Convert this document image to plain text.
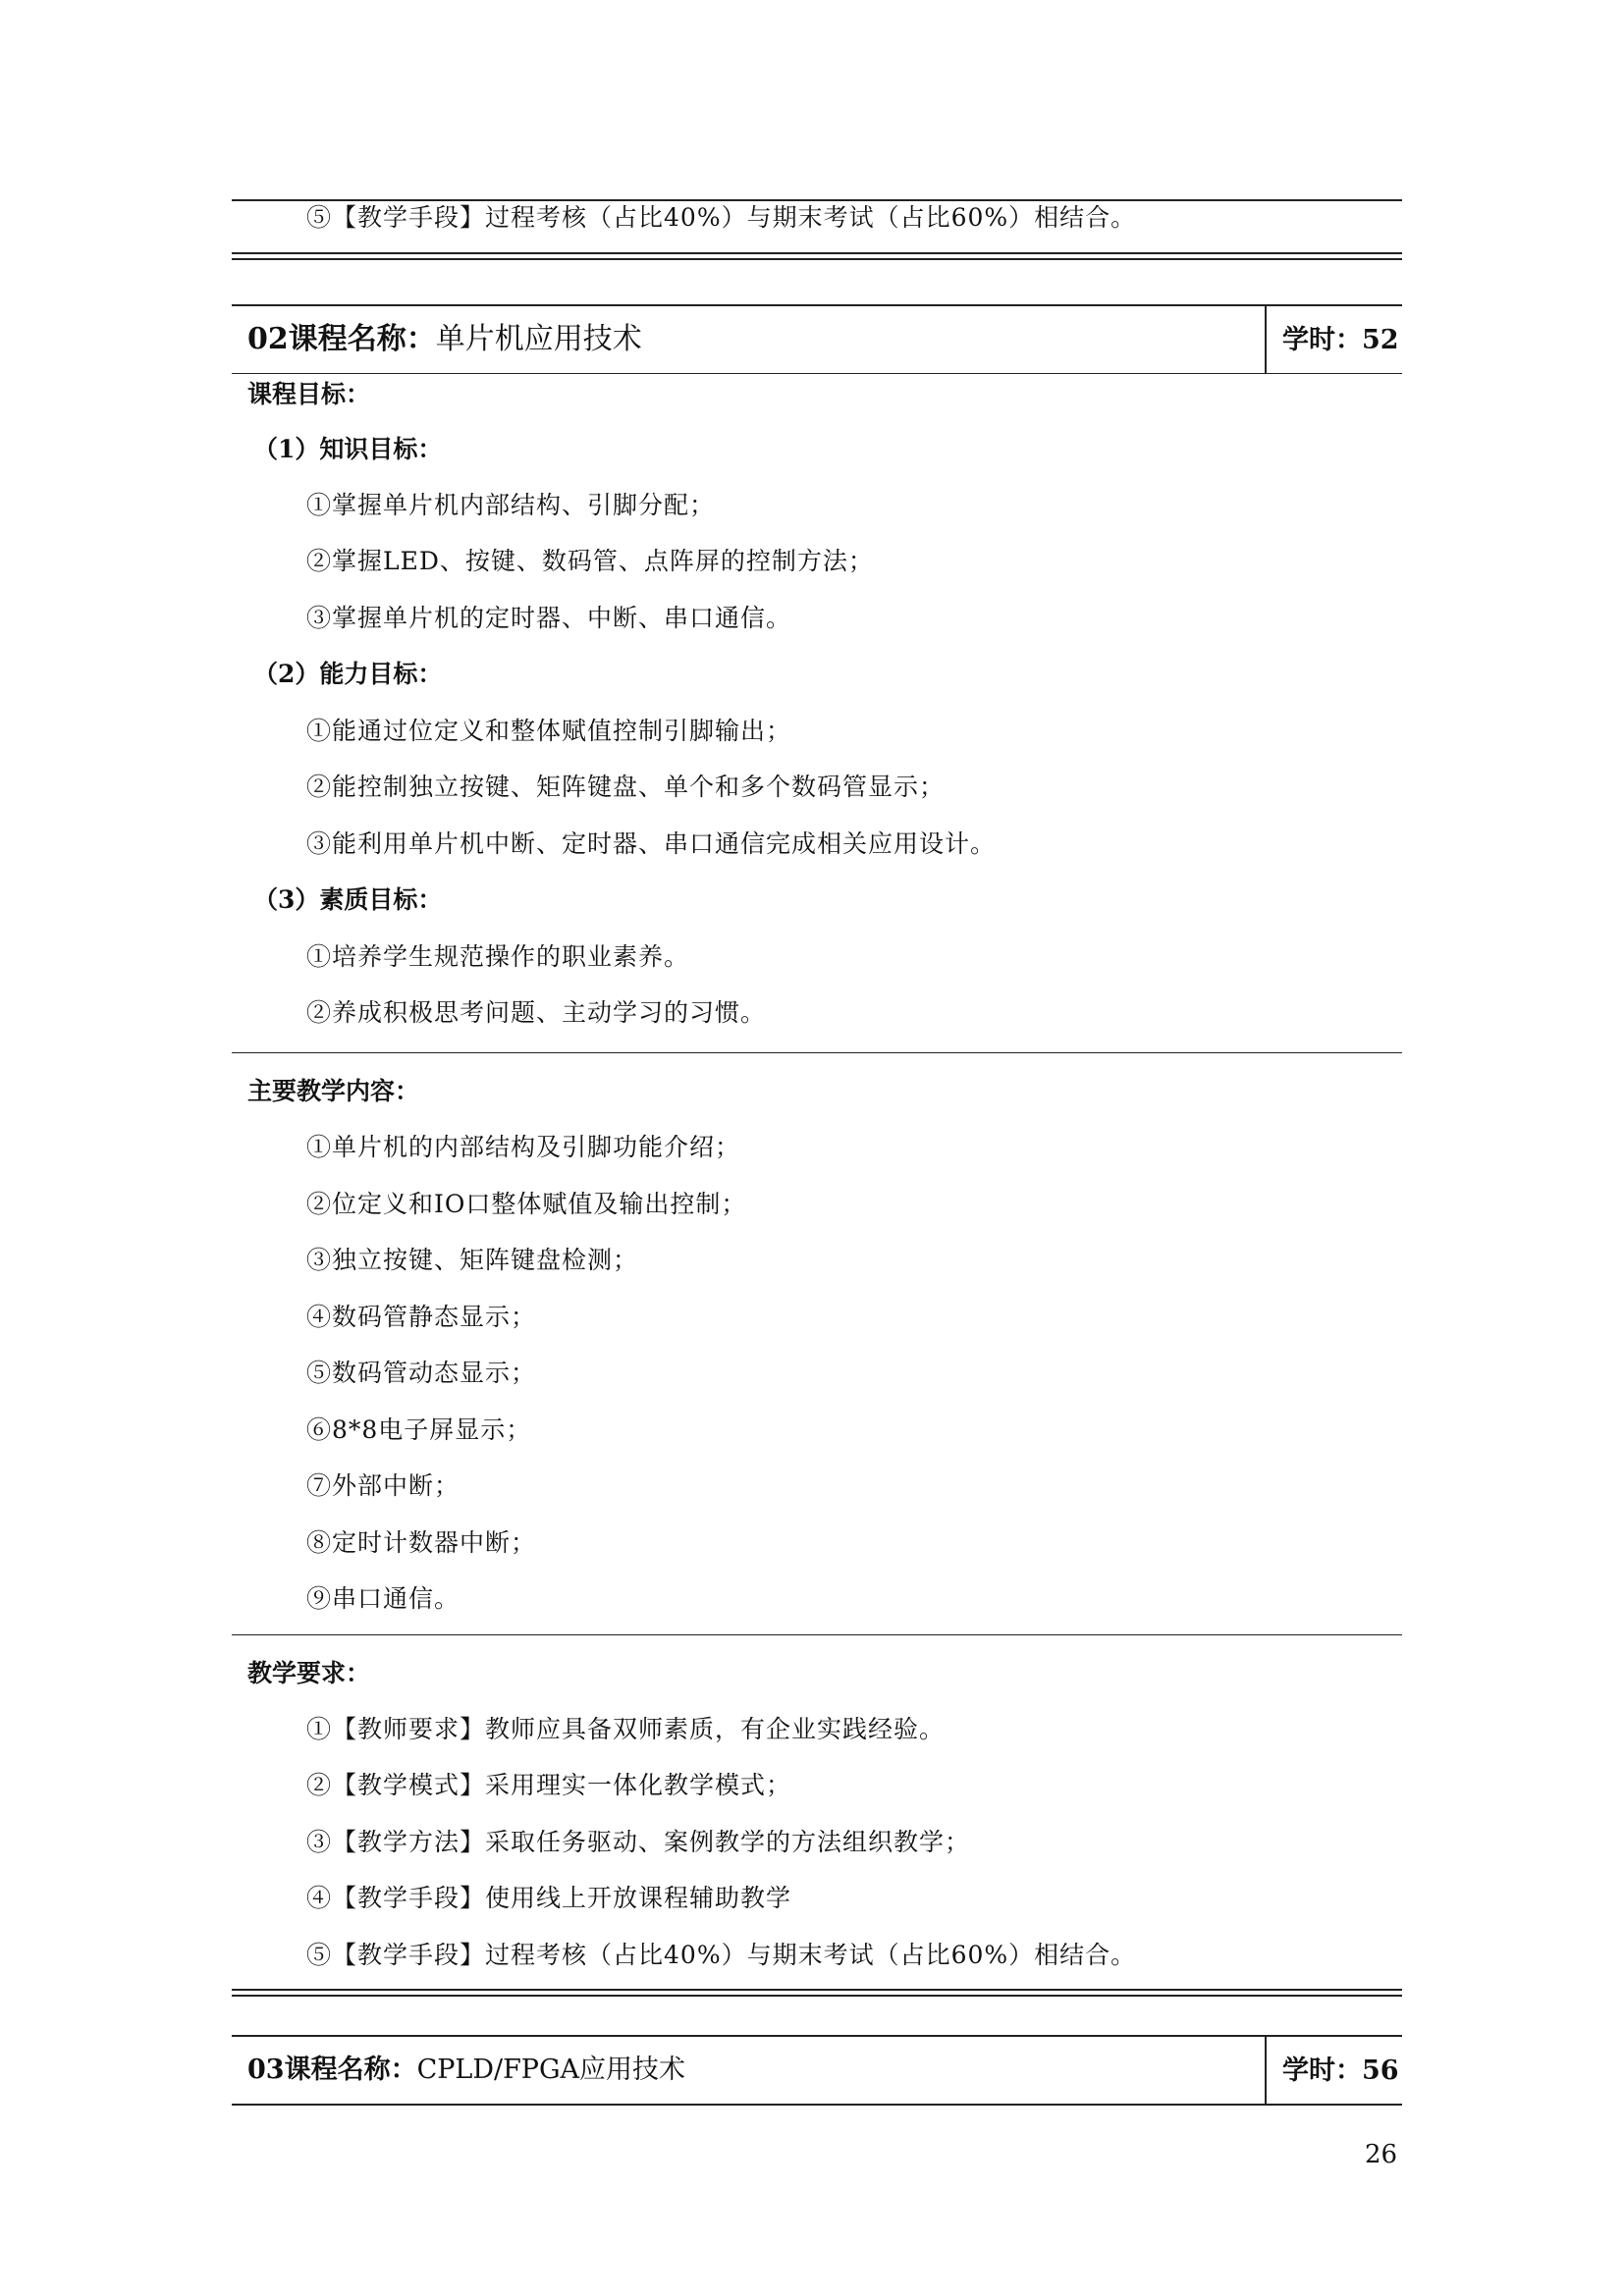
⑤【教学手段】过程考核（占比40%）与期末考试（占比60%）相结合。
02课程名称：单片机应用技术	学时：52
课程目标：
（1）知识目标：
①掌握单片机内部结构、引脚分配；
②掌握LED、按键、数码管、点阵屏的控制方法；
③掌握单片机的定时器、中断、串口通信。
（2）能力目标：
①能通过位定义和整体赋值控制引脚输出；
②能控制独立按键、矩阵键盘、单个和多个数码管显示；
③能利用单片机中断、定时器、串口通信完成相关应用设计。
（3）素质目标：
①培养学生规范操作的职业素养。
②养成积极思考问题、主动学习的习惯。
主要教学内容：
①单片机的内部结构及引脚功能介绍；
②位定义和IO口整体赋值及输出控制；
③独立按键、矩阵键盘检测；
④数码管静态显示；
⑤数码管动态显示；
⑥8*8电子屏显示；
⑦外部中断；
⑧定时计数器中断；
⑨串口通信。
教学要求：
①【教师要求】教师应具备双师素质，有企业实践经验。
②【教学模式】采用理实一体化教学模式；
③【教学方法】采取任务驱动、案例教学的方法组织教学；
④【教学手段】使用线上开放课程辅助教学
⑤【教学手段】过程考核（占比40%）与期末考试（占比60%）相结合。
03课程名称：CPLD/FPGA应用技术	学时：56
26
